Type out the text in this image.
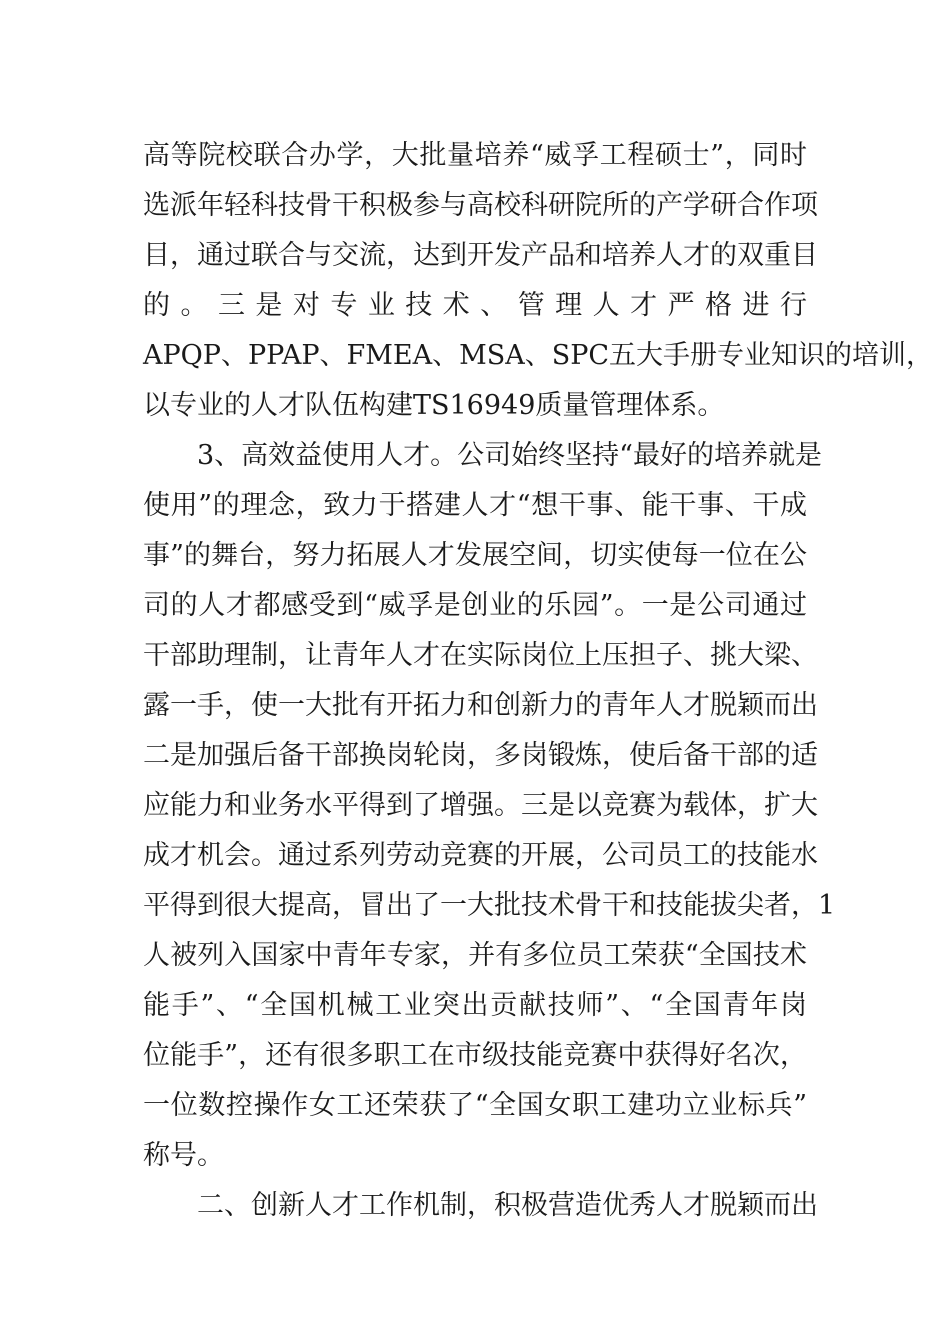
高等院校联合办学，大批量培养“威孚工程硕士”，同时
选派年轻科技骨干积极参与高校科研院所的产学研合作项
目，通过联合与交流，达到开发产品和培养人才的双重目
的。三是对专业技术、管理人才严格进行
APQP、PPAP、FMEA、MSA、SPC五大手册专业知识的培训，
以专业的人才队伍构建TS16949质量管理体系。
3、高效益使用人才。公司始终坚持“最好的培养就是
使用”的理念，致力于搭建人才“想干事、能干事、干成
事”的舞台，努力拓展人才发展空间，切实使每一位在公
司的人才都感受到“威孚是创业的乐园”。一是公司通过
干部助理制，让青年人才在实际岗位上压担子、挑大梁、
露一手，使一大批有开拓力和创新力的青年人才脱颖而出
二是加强后备干部换岗轮岗，多岗锻炼，使后备干部的适
应能力和业务水平得到了增强。三是以竞赛为载体，扩大
成才机会。通过系列劳动竞赛的开展，公司员工的技能水
平得到很大提高，冒出了一大批技术骨干和技能拔尖者，1
人被列入国家中青年专家，并有多位员工荣获“全国技术
能手”、“全国机械工业突出贡献技师”、“全国青年岗
位能手”，还有很多职工在市级技能竞赛中获得好名次，
一位数控操作女工还荣获了“全国女职工建功立业标兵”
称号。
二、创新人才工作机制，积极营造优秀人才脱颖而出
